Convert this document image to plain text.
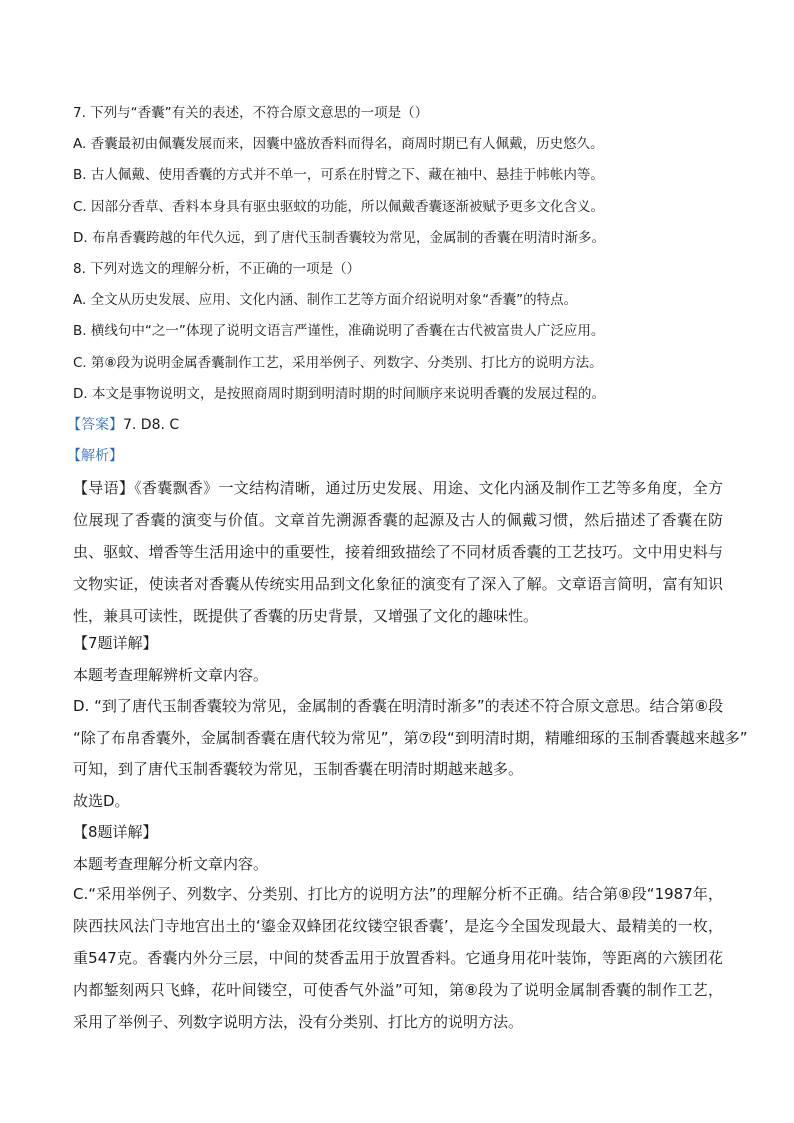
7. 下列与“香囊”有关的表述，不符合原文意思的一项是（）
A. 香囊最初由佩囊发展而来，因囊中盛放香料而得名，商周时期已有人佩戴，历史悠久。
B. 古人佩戴、使用香囊的方式并不单一，可系在肘臂之下、藏在袖中、悬挂于帏帐内等。
C. 因部分香草、香料本身具有驱虫驱蚊的功能，所以佩戴香囊逐渐被赋予更多文化含义。
D. 布帛香囊跨越的年代久远，到了唐代玉制香囊较为常见，金属制的香囊在明清时渐多。
8. 下列对选文的理解分析，不正确的一项是（）
A. 全文从历史发展、应用、文化内涵、制作工艺等方面介绍说明对象“香囊”的特点。
B. 横线句中“之一”体现了说明文语言严谨性，准确说明了香囊在古代被富贵人广泛应用。
C. 第⑧段为说明金属香囊制作工艺，采用举例子、列数字、分类别、打比方的说明方法。
D. 本文是事物说明文，是按照商周时期到明清时期的时间顺序来说明香囊的发展过程的。
【答案】7. D8. C
【解析】
【导语】《香囊飘香》一文结构清晰，通过历史发展、用途、文化内涵及制作工艺等多角度，全方位展现了香囊的演变与价值。文章首先溯源香囊的起源及古人的佩戴习惯，然后描述了香囊在防虫、驱蚊、增香等生活用途中的重要性，接着细致描绘了不同材质香囊的工艺技巧。文中用史料与文物实证，使读者对香囊从传统实用品到文化象征的演变有了深入了解。文章语言简明，富有知识性，兼具可读性，既提供了香囊的历史背景，又增强了文化的趣味性。
【7题详解】
本题考查理解辨析文章内容。
D. “到了唐代玉制香囊较为常见，金属制的香囊在明清时渐多”的表述不符合原文意思。结合第⑧段
“除了布帛香囊外，金属制香囊在唐代较为常见”，第⑦段“到明清时期，精雕细琢的玉制香囊越来越多”
可知，到了唐代玉制香囊较为常见，玉制香囊在明清时期越来越多。
故选D。
【8题详解】
本题考查理解分析文章内容。
C.“采用举例子、列数字、分类别、打比方的说明方法”的理解分析不正确。结合第⑧段“1987年，陕西扶风法门寺地宫出土的‘鎏金双蜂团花纹镂空银香囊’，是迄今全国发现最大、最精美的一枚，重547克。香囊内外分三层，中间的焚香盂用于放置香料。它通身用花叶装饰，等距离的六簇团花内都錾刻两只飞蜂，花叶间镂空，可使香气外溢”可知，第⑧段为了说明金属制香囊的制作工艺，采用了举例子、列数字说明方法，没有分类别、打比方的说明方法。
